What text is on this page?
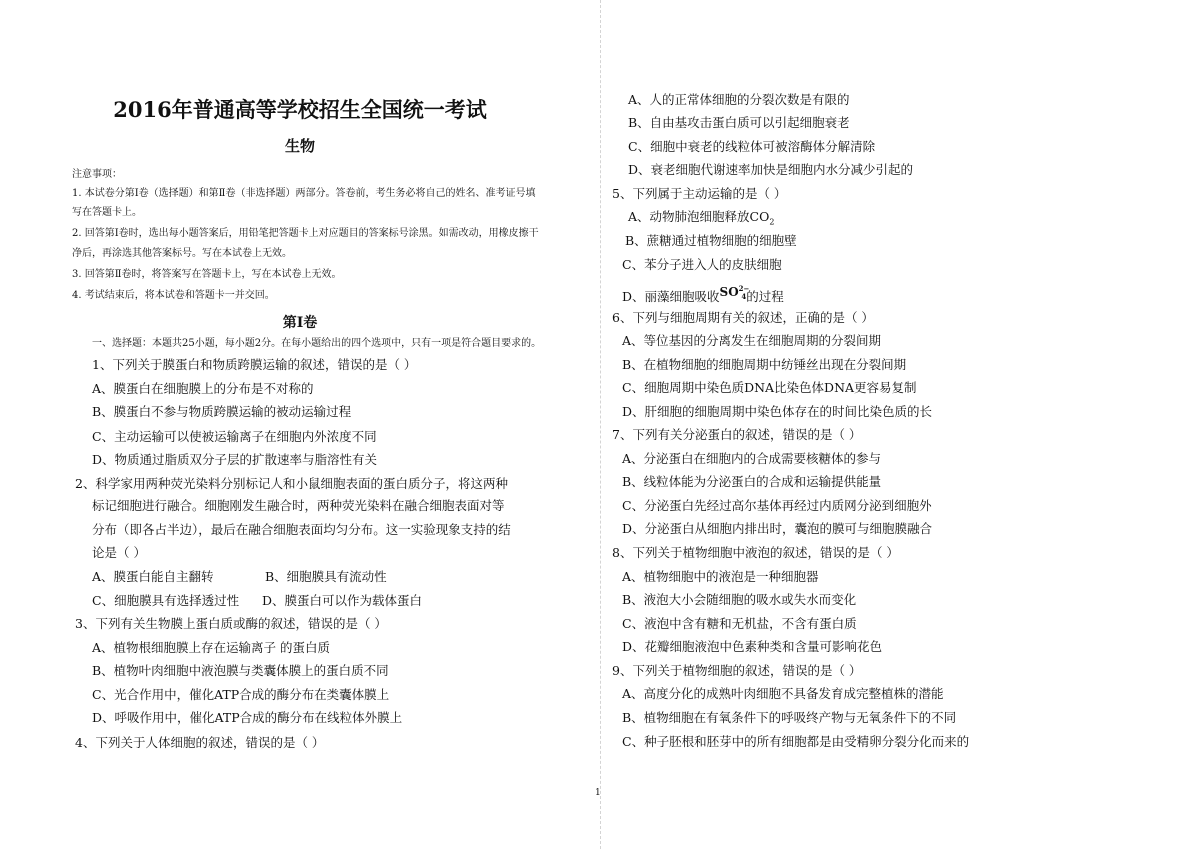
2016年普通高等学校招生全国统一考试
生物
注意事项：
1. 本试卷分第Ⅰ卷（选择题）和第Ⅱ卷（非选择题）两部分。答卷前，考生务必将自己的姓名、准考证号填
写在答题卡上。
2. 回答第Ⅰ卷时，选出每小题答案后，用铅笔把答题卡上对应题目的答案标号涂黑。如需改动，用橡皮擦干
净后，再涂选其他答案标号。写在本试卷上无效。
3. 回答第Ⅱ卷时，将答案写在答题卡上，写在本试卷上无效。
4. 考试结束后，将本试卷和答题卡一并交回。
第Ⅰ卷
一、选择题：本题共25小题，每小题2分。在每小题给出的四个选项中，只有一项是符合题目要求的。
1、下列关于膜蛋白和物质跨膜运输的叙述，错误的是（ ）
A、膜蛋白在细胞膜上的分布是不对称的
B、膜蛋白不参与物质跨膜运输的被动运输过程
C、主动运输可以使被运输离子在细胞内外浓度不同
D、物质通过脂质双分子层的扩散速率与脂溶性有关
2、科学家用两种荧光染料分别标记人和小鼠细胞表面的蛋白质分子，将这两种
标记细胞进行融合。细胞刚发生融合时，两种荧光染料在融合细胞表面对等
分布（即各占半边），最后在融合细胞表面均匀分布。这一实验现象支持的结
论是（ ）
A、膜蛋白能自主翻转	B、细胞膜具有流动性
C、细胞膜具有选择透过性 D、膜蛋白可以作为载体蛋白
3、下列有关生物膜上蛋白质或酶的叙述，错误的是（ ）
A、植物根细胞膜上存在运输离子 的蛋白质
B、植物叶肉细胞中液泡膜与类囊体膜上的蛋白质不同
C、光合作用中，催化ATP合成的酶分布在类囊体膜上
D、呼吸作用中，催化ATP合成的酶分布在线粒体外膜上
4、下列关于人体细胞的叙述，错误的是（ ）
A、人的正常体细胞的分裂次数是有限的
B、自由基攻击蛋白质可以引起细胞衰老
C、细胞中衰老的线粒体可被溶酶体分解清除
D、衰老细胞代谢速率加快是细胞内水分减少引起的
5、下列属于主动运输的是（ ）
A、动物肺泡细胞释放$CO_2$
B、蔗糖通过植物细胞的细胞壁
C、苯分子进入人的皮肤细胞
D、丽藻细胞吸收$SO^{2-}_4$的过程
6、下列与细胞周期有关的叙述，正确的是（ ）
A、等位基因的分离发生在细胞周期的分裂间期
B、在植物细胞的细胞周期中纺锤丝出现在分裂间期
C、细胞周期中染色质DNA比染色体DNA更容易复制
D、肝细胞的细胞周期中染色体存在的时间比染色质的长
7、下列有关分泌蛋白的叙述，错误的是（ ）
A、分泌蛋白在细胞内的合成需要核糖体的参与
B、线粒体能为分泌蛋白的合成和运输提供能量
C、分泌蛋白先经过高尔基体再经过内质网分泌到细胞外
D、分泌蛋白从细胞内排出时，囊泡的膜可与细胞膜融合
8、下列关于植物细胞中液泡的叙述，错误的是（ ）
A、植物细胞中的液泡是一种细胞器
B、液泡大小会随细胞的吸水或失水而变化
C、液泡中含有糖和无机盐，不含有蛋白质
D、花瓣细胞液泡中色素种类和含量可影响花色
9、下列关于植物细胞的叙述，错误的是（ ）
A、高度分化的成熟叶肉细胞不具备发育成完整植株的潜能
B、植物细胞在有氧条件下的呼吸终产物与无氧条件下的不同
C、种子胚根和胚芽中的所有细胞都是由受精卵分裂分化而来的
1
